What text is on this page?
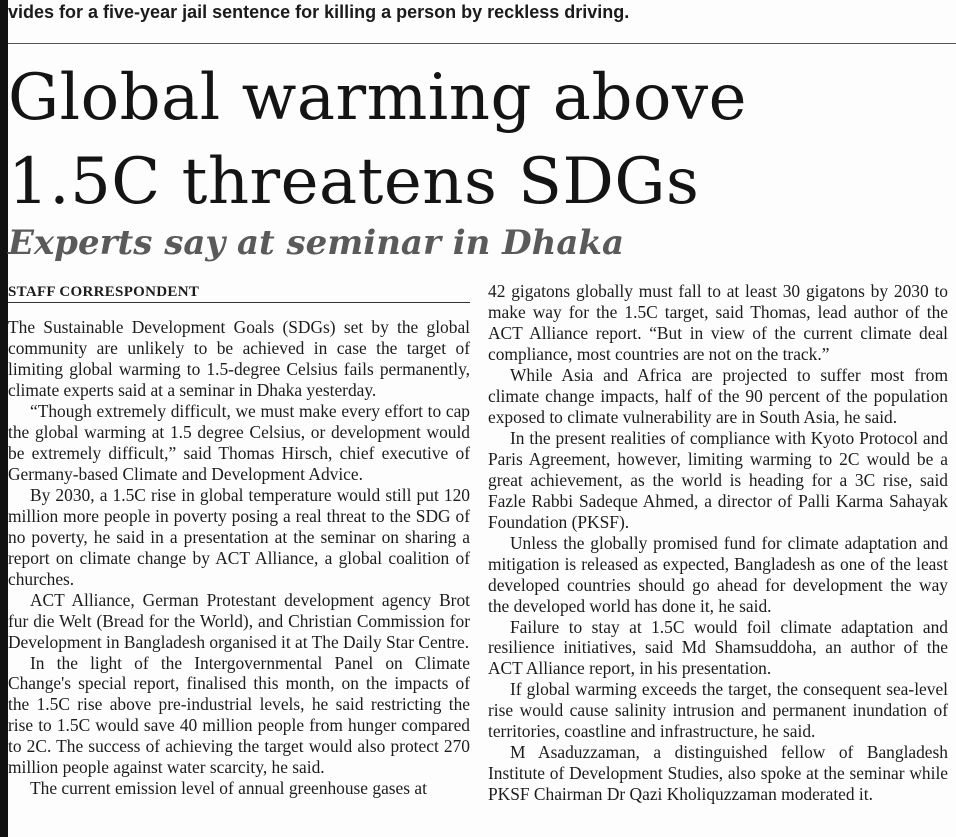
vides for a five-year jail sentence for killing a person by reckless driving.
Global warming above
1.5C threatens SDGs
Experts say at seminar in Dhaka
STAFF CORRESPONDENT

The Sustainable Development Goals (SDGs) set by the global community are unlikely to be achieved in case the target of limiting global warming to 1.5-degree Celsius fails permanently, climate experts said at a seminar in Dhaka yesterday.

“Though extremely difficult, we must make every effort to cap the global warming at 1.5 degree Celsius, or development would be extremely difficult,” said Thomas Hirsch, chief executive of Germany-based Climate and Development Advice.

By 2030, a 1.5C rise in global temperature would still put 120 million more people in poverty posing a real threat to the SDG of no poverty, he said in a presentation at the seminar on sharing a report on climate change by ACT Alliance, a global coalition of churches.

ACT Alliance, German Protestant development agency Brot fur die Welt (Bread for the World), and Christian Commission for Development in Bangladesh organised it at The Daily Star Centre.

In the light of the Intergovernmental Panel on Climate Change's special report, finalised this month, on the impacts of the 1.5C rise above pre-industrial levels, he said restricting the rise to 1.5C would save 40 million people from hunger compared to 2C. The success of achieving the target would also protect 270 million people against water scarcity, he said.

The current emission level of annual greenhouse gases at

42 gigatons globally must fall to at least 30 gigatons by 2030 to make way for the 1.5C target, said Thomas, lead author of the ACT Alliance report. “But in view of the current climate deal compliance, most countries are not on the track.”

While Asia and Africa are projected to suffer most from climate change impacts, half of the 90 percent of the population exposed to climate vulnerability are in South Asia, he said.

In the present realities of compliance with Kyoto Protocol and Paris Agreement, however, limiting warming to 2C would be a great achievement, as the world is heading for a 3C rise, said Fazle Rabbi Sadeque Ahmed, a director of Palli Karma Sahayak Foundation (PKSF).

Unless the globally promised fund for climate adaptation and mitigation is released as expected, Bangladesh as one of the least developed countries should go ahead for development the way the developed world has done it, he said.

Failure to stay at 1.5C would foil climate adaptation and resilience initiatives, said Md Shamsuddoha, an author of the ACT Alliance report, in his presentation.

If global warming exceeds the target, the consequent sea-level rise would cause salinity intrusion and permanent inundation of territories, coastline and infrastructure, he said.

M Asaduzzaman, a distinguished fellow of Bangladesh Institute of Development Studies, also spoke at the seminar while PKSF Chairman Dr Qazi Kholiquzzaman moderated it.
